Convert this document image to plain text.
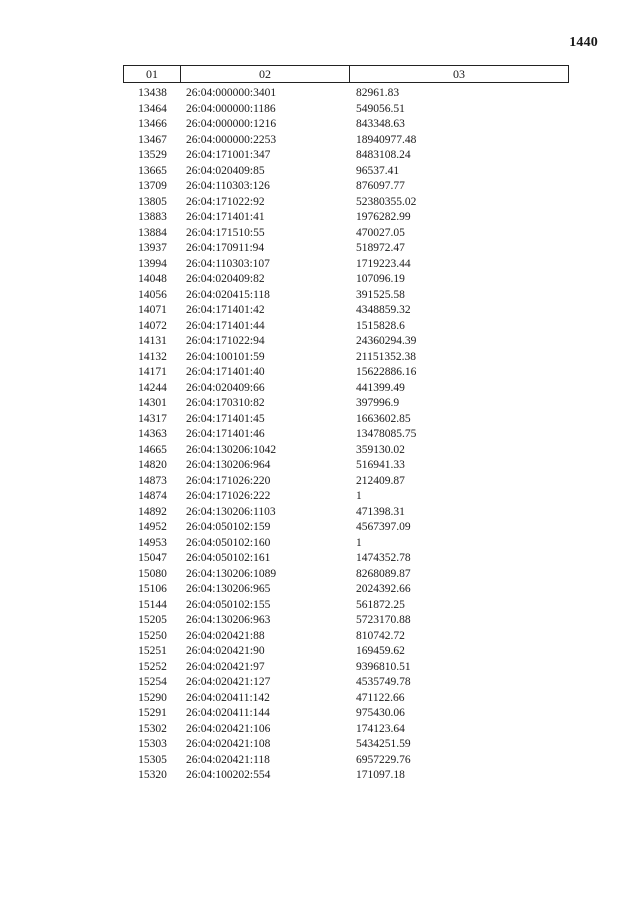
1440
01	02	03
13438	26:04:000000:3401	82961.83
13464	26:04:000000:1186	549056.51
13466	26:04:000000:1216	843348.63
13467	26:04:000000:2253	18940977.48
13529	26:04:171001:347	8483108.24
13665	26:04:020409:85	96537.41
13709	26:04:110303:126	876097.77
13805	26:04:171022:92	52380355.02
13883	26:04:171401:41	1976282.99
13884	26:04:171510:55	470027.05
13937	26:04:170911:94	518972.47
13994	26:04:110303:107	1719223.44
14048	26:04:020409:82	107096.19
14056	26:04:020415:118	391525.58
14071	26:04:171401:42	4348859.32
14072	26:04:171401:44	1515828.6
14131	26:04:171022:94	24360294.39
14132	26:04:100101:59	21151352.38
14171	26:04:171401:40	15622886.16
14244	26:04:020409:66	441399.49
14301	26:04:170310:82	397996.9
14317	26:04:171401:45	1663602.85
14363	26:04:171401:46	13478085.75
14665	26:04:130206:1042	359130.02
14820	26:04:130206:964	516941.33
14873	26:04:171026:220	212409.87
14874	26:04:171026:222	1
14892	26:04:130206:1103	471398.31
14952	26:04:050102:159	4567397.09
14953	26:04:050102:160	1
15047	26:04:050102:161	1474352.78
15080	26:04:130206:1089	8268089.87
15106	26:04:130206:965	2024392.66
15144	26:04:050102:155	561872.25
15205	26:04:130206:963	5723170.88
15250	26:04:020421:88	810742.72
15251	26:04:020421:90	169459.62
15252	26:04:020421:97	9396810.51
15254	26:04:020421:127	4535749.78
15290	26:04:020411:142	471122.66
15291	26:04:020411:144	975430.06
15302	26:04:020421:106	174123.64
15303	26:04:020421:108	5434251.59
15305	26:04:020421:118	6957229.76
15320	26:04:100202:554	171097.18
